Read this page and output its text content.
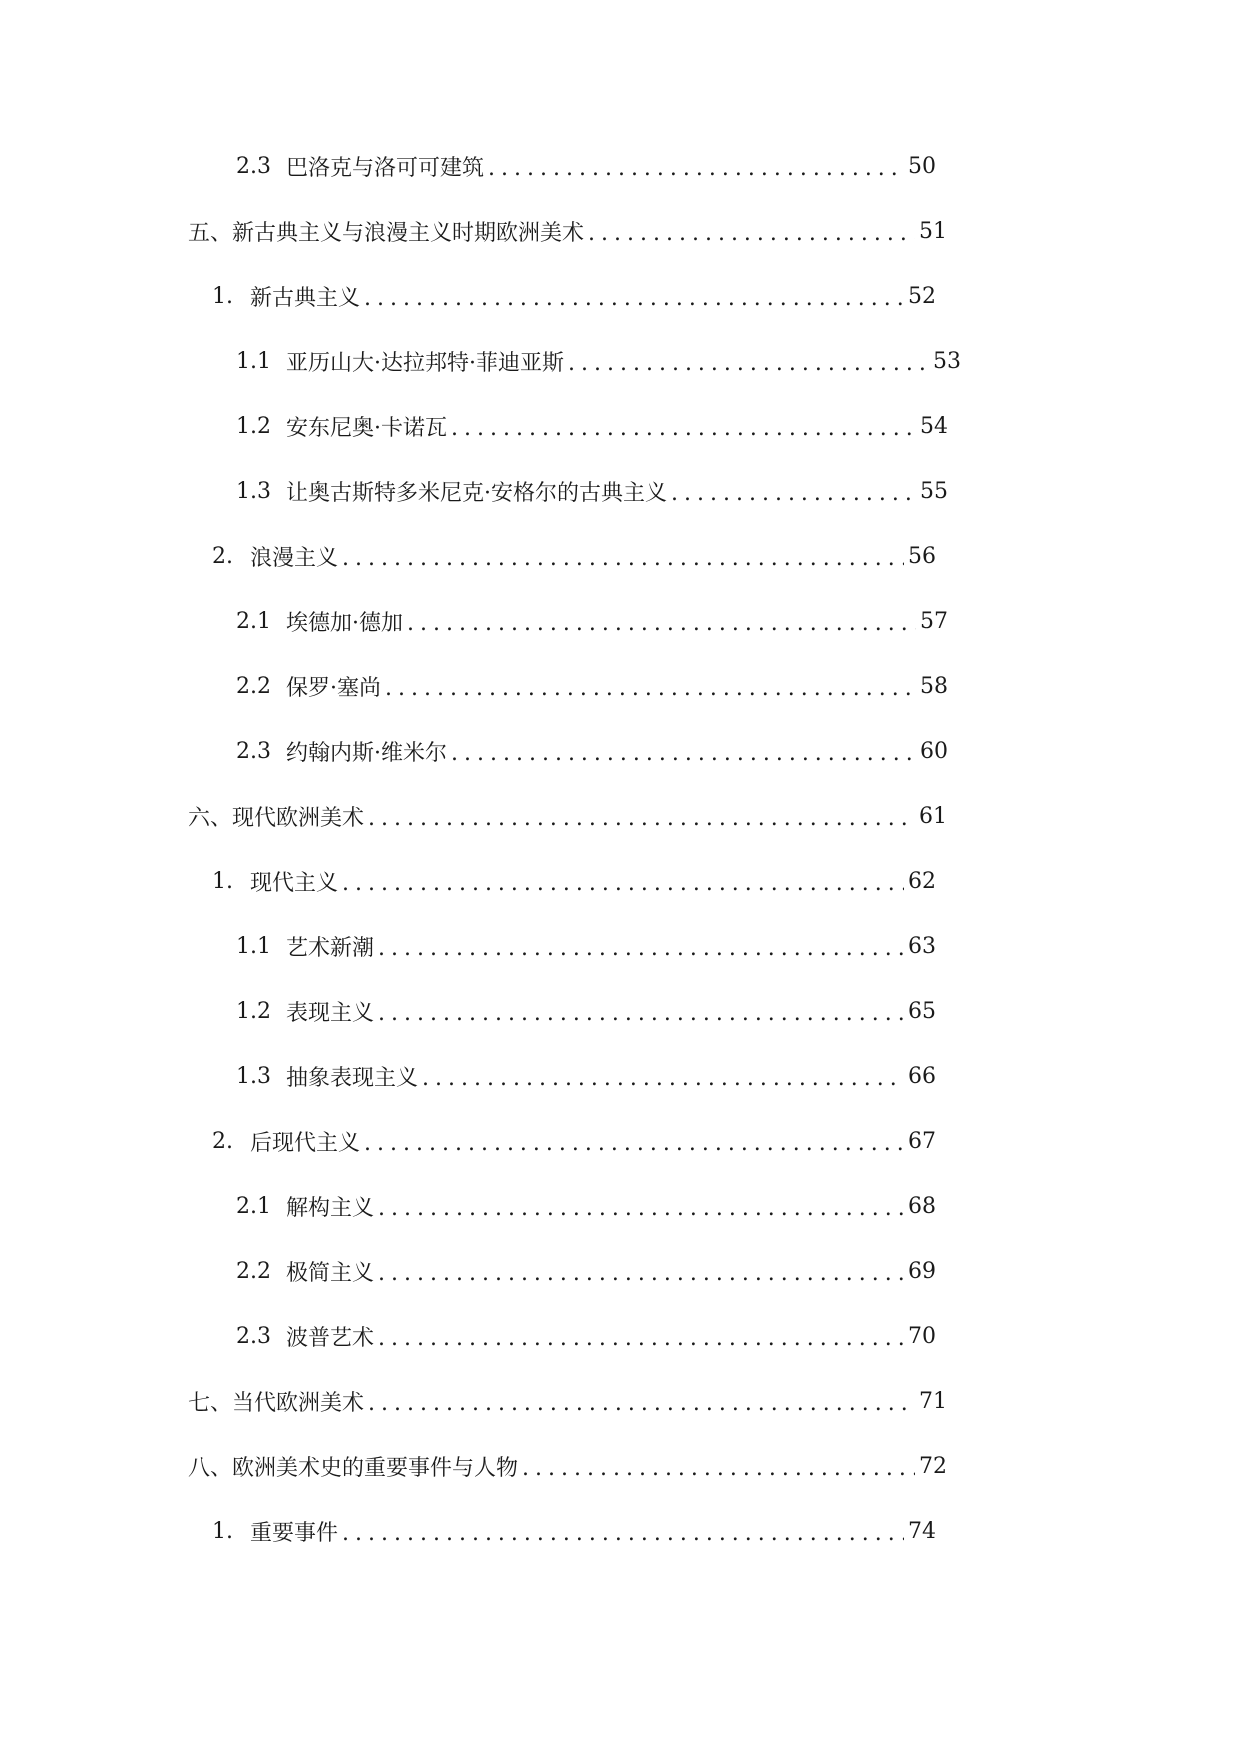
2.3 巴洛克与洛可可建筑 .....	50
五、新古典主义与浪漫主义时期欧洲美术 .....	51
1. 新古典主义 .....	52
1.1 亚历山大·达拉邦特·菲迪亚斯 .....	53
1.2 安东尼奥·卡诺瓦 .....	54
1.3 让奥古斯特多米尼克·安格尔的古典主义 .....	55
2. 浪漫主义 .....	56
2.1 埃德加·德加 .....	57
2.2 保罗·塞尚 .....	58
2.3 约翰内斯·维米尔 .....	60
六、现代欧洲美术 .....	61
1. 现代主义 .....	62
1.1 艺术新潮 .....	63
1.2 表现主义 .....	65
1.3 抽象表现主义 .....	66
2. 后现代主义 .....	67
2.1 解构主义 .....	68
2.2 极简主义 .....	69
2.3 波普艺术 .....	70
七、当代欧洲美术 .....	71
八、欧洲美术史的重要事件与人物 .....	72
1. 重要事件 .....	74
